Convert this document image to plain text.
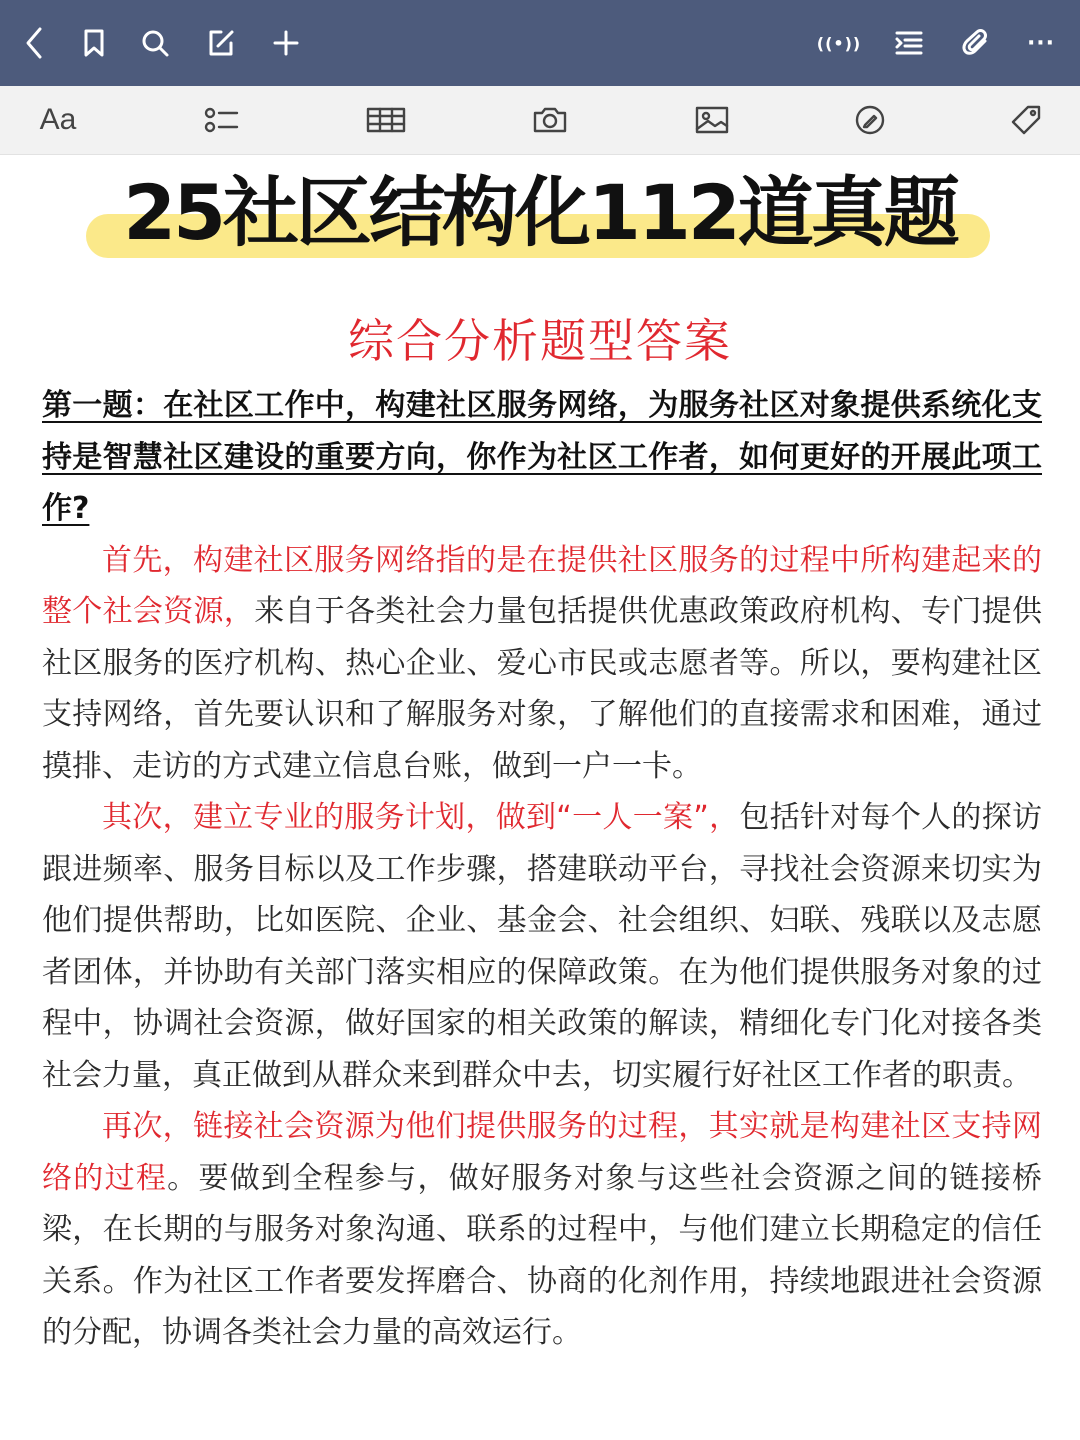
((•))	···
Aa
25社区结构化112道真题
综合分析题型答案

第一题：在社区工作中，构建社区服务网络，为服务社区对象提供系统化支持是智慧社区建设的重要方向，你作为社区工作者，如何更好的开展此项工作?

首先，构建社区服务网络指的是在提供社区服务的过程中所构建起来的整个社会资源，来自于各类社会力量包括提供优惠政策政府机构、专门提供社区服务的医疗机构、热心企业、爱心市民或志愿者等。所以，要构建社区支持网络，首先要认识和了解服务对象，了解他们的直接需求和困难，通过摸排、走访的方式建立信息台账，做到一户一卡。

其次，建立专业的服务计划，做到“一人一案”，包括针对每个人的探访跟进频率、服务目标以及工作步骤，搭建联动平台，寻找社会资源来切实为他们提供帮助，比如医院、企业、基金会、社会组织、妇联、残联以及志愿者团体，并协助有关部门落实相应的保障政策。在为他们提供服务对象的过程中，协调社会资源，做好国家的相关政策的解读，精细化专门化对接各类社会力量，真正做到从群众来到群众中去，切实履行好社区工作者的职责。

再次，链接社会资源为他们提供服务的过程，其实就是构建社区支持网络的过程。要做到全程参与，做好服务对象与这些社会资源之间的链接桥梁，在长期的与服务对象沟通、联系的过程中，与他们建立长期稳定的信任关系。作为社区工作者要发挥磨合、协商的化剂作用，持续地跟进社会资源的分配，协调各类社会力量的高效运行。
